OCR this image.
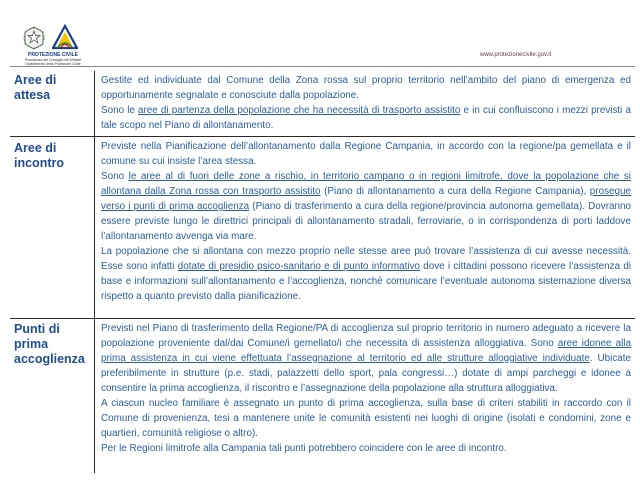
PROTEZIONE CIVILE
Presidenza del Consiglio dei Ministri Dipartimento della Protezione Civile
www.protezionecivile.gov.it
Aree di attesa

Gestite ed individuate dal Comune della Zona rossa sul proprio territorio nell’ambito del piano di emergenza ed opportunamente segnalate e conosciute dalla popolazione.

Sono le aree di partenza della popolazione che ha necessità di trasporto assistito e in cui confluiscono i mezzi previsti a tale scopo nel Piano di allontanamento.

Aree di incontro

Previste nella Pianificazione dell’allontanamento dalla Regione Campania, in accordo con la regione/pa gemellata e il comune su cui insiste l’area stessa.

Sono le aree al di fuori delle zone a rischio, in territorio campano o in regioni limitrofe, dove la popolazione che si allontana dalla Zona rossa con trasporto assistito (Piano di allontanamento a cura della Regione Campania), prosegue verso i punti di prima accoglienza (Piano di trasferimento a cura della regione/provincia autonoma gemellata). Dovranno essere previste lungo le direttrici principali di allontanamento stradali, ferroviarie, o in corrispondenza di porti laddove l’allontanamento avvenga via mare.

La popolazione che si allontana con mezzo proprio nelle stesse aree può trovare l’assistenza di cui avesse necessità. Esse sono infatti dotate di presidio psico-sanitario e di punto informativo dove i cittadini possono ricevere l’assistenza di base e informazioni sull’allontanamento e l’accoglienza, nonché comunicare l’eventuale autonoma sistemazione diversa rispetto a quanto previsto dalla pianificazione.

Punti di prima accoglienza

Previsti nel Piano di trasferimento della Regione/PA di accoglienza sul proprio territorio in numero adeguato a ricevere la popolazione proveniente dal/dai Comune/i gemellato/i che necessita di assistenza alloggiativa. Sono aree idonee alla prima assistenza in cui viene effettuata l’assegnazione al territorio ed alle strutture alloggiative individuate. Ubicate preferibilmente in strutture (p.e. stadi, palazzetti dello sport, pala congressi…) dotate di ampi parcheggi e idonee a consentire la prima accoglienza, il riscontro e l’assegnazione della popolazione alla struttura alloggiativa.

A ciascun nucleo familiare è assegnato un punto di prima accoglienza, sulla base di criteri stabiliti in raccordo con il Comune di provenienza, tesi a mantenere unite le comunità esistenti nei luoghi di origine (isolati e condomini, zone e quartieri, comunità religiose o altro).

Per le Regioni limitrofe alla Campania tali punti potrebbero coincidere con le aree di incontro.
